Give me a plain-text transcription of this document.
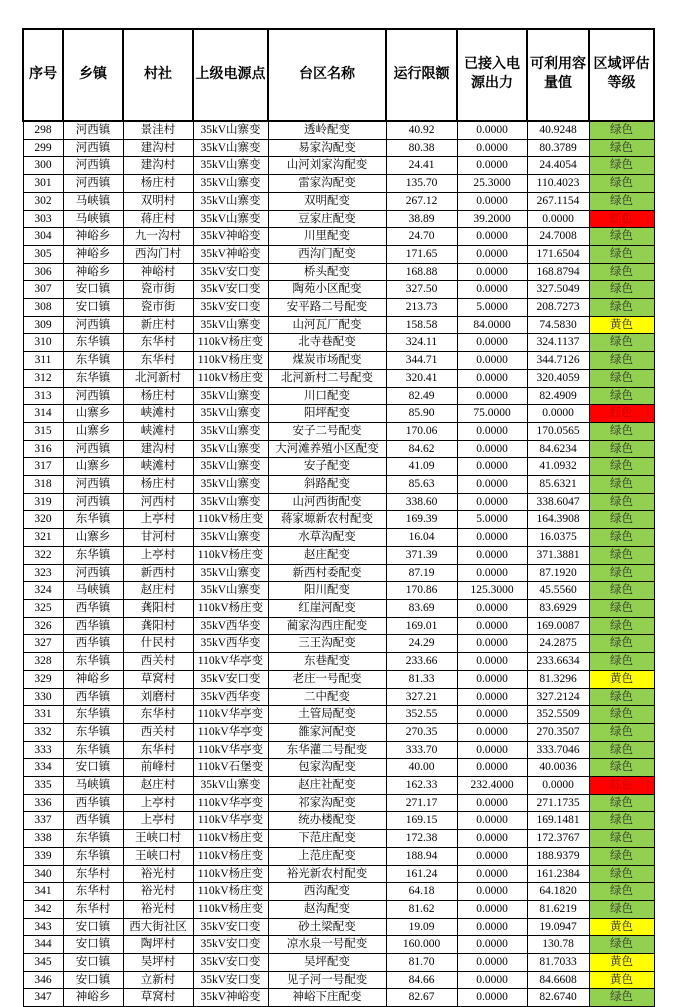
序号	乡镇	村社	上级电源点	台区名称	运行限额	已接入电源出力	可利用容量值	区域评估等级
298	河西镇	景洼村	35kV山寨变	透岭配变	40.92	0.0000	40.9248	绿色
299	河西镇	建沟村	35kV山寨变	易家沟配变	80.38	0.0000	80.3789	绿色
300	河西镇	建沟村	35kV山寨变	山河刘家沟配变	24.41	0.0000	24.4054	绿色
301	河西镇	杨庄村	35kV山寨变	雷家沟配变	135.70	25.3000	110.4023	绿色
302	马峡镇	双明村	35kV山寨变	双明配变	267.12	0.0000	267.1154	绿色
303	马峡镇	蒋庄村	35kV山寨变	豆家庄配变	38.89	39.2000	0.0000	红色
304	神峪乡	九一沟村	35kV神峪变	川里配变	24.70	0.0000	24.7008	绿色
305	神峪乡	西沟门村	35kV神峪变	西沟门配变	171.65	0.0000	171.6504	绿色
306	神峪乡	神峪村	35kV安口变	桥头配变	168.88	0.0000	168.8794	绿色
307	安口镇	瓷市街	35kV安口变	陶苑小区配变	327.50	0.0000	327.5049	绿色
308	安口镇	瓷市街	35kV安口变	安平路二号配变	213.73	5.0000	208.7273	绿色
309	河西镇	新庄村	35kV山寨变	山河瓦厂配变	158.58	84.0000	74.5830	黄色
310	东华镇	东华村	110kV杨庄变	北寺巷配变	324.11	0.0000	324.1137	绿色
311	东华镇	东华村	110kV杨庄变	煤炭市场配变	344.71	0.0000	344.7126	绿色
312	东华镇	北河新村	110kV杨庄变	北河新村二号配变	320.41	0.0000	320.4059	绿色
313	河西镇	杨庄村	35kV山寨变	川口配变	82.49	0.0000	82.4909	绿色
314	山寨乡	峡滩村	35kV山寨变	阳坪配变	85.90	75.0000	0.0000	红色
315	山寨乡	峡滩村	35kV山寨变	安子二号配变	170.06	0.0000	170.0565	绿色
316	河西镇	建沟村	35kV山寨变	大河滩养殖小区配变	84.62	0.0000	84.6234	绿色
317	山寨乡	峡滩村	35kV山寨变	安子配变	41.09	0.0000	41.0932	绿色
318	河西镇	杨庄村	35kV山寨变	斜路配变	85.63	0.0000	85.6321	绿色
319	河西镇	河西村	35kV山寨变	山河西街配变	338.60	0.0000	338.6047	绿色
320	东华镇	上亭村	110kV杨庄变	蒋家塬新农村配变	169.39	5.0000	164.3908	绿色
321	山寨乡	甘河村	35kV山寨变	水草沟配变	16.04	0.0000	16.0375	绿色
322	东华镇	上亭村	110kV杨庄变	赵庄配变	371.39	0.0000	371.3881	绿色
323	河西镇	新西村	35kV山寨变	新西村委配变	87.19	0.0000	87.1920	绿色
324	马峡镇	赵庄村	35kV山寨变	阳川配变	170.86	125.3000	45.5560	绿色
325	西华镇	龚阳村	110kV杨庄变	红崖河配变	83.69	0.0000	83.6929	绿色
326	西华镇	龚阳村	35kV西华变	蔺家沟西庄配变	169.01	0.0000	169.0087	绿色
327	西华镇	什民村	35kV西华变	三王沟配变	24.29	0.0000	24.2875	绿色
328	东华镇	西关村	110kV华亭变	东巷配变	233.66	0.0000	233.6634	绿色
329	神峪乡	草窝村	35kV安口变	老庄一号配变	81.33	0.0000	81.3296	黄色
330	西华镇	刘磨村	35kV西华变	二中配变	327.21	0.0000	327.2124	绿色
331	东华镇	东华村	110kV华亭变	土管局配变	352.55	0.0000	352.5509	绿色
332	东华镇	西关村	110kV华亭变	雒家河配变	270.35	0.0000	270.3507	绿色
333	东华镇	东华村	110kV华亭变	东华灌二号配变	333.70	0.0000	333.7046	绿色
334	安口镇	前峰村	110kV石堡变	包家沟配变	40.00	0.0000	40.0036	绿色
335	马峡镇	赵庄村	35kV山寨变	赵庄社配变	162.33	232.4000	0.0000	红色
336	西华镇	上亭村	110kV华亭变	祁家沟配变	271.17	0.0000	271.1735	绿色
337	西华镇	上亭村	110kV华亭变	统办楼配变	169.15	0.0000	169.1481	绿色
338	东华镇	王峡口村	110kV杨庄变	下范庄配变	172.38	0.0000	172.3767	绿色
339	东华镇	王峡口村	110kV杨庄变	上范庄配变	188.94	0.0000	188.9379	绿色
340	东华村	裕光村	110kV杨庄变	裕光新农村配变	161.24	0.0000	161.2384	绿色
341	东华村	裕光村	110kV杨庄变	西沟配变	64.18	0.0000	64.1820	绿色
342	东华村	裕光村	110kV杨庄变	赵沟配变	81.62	0.0000	81.6219	绿色
343	安口镇	西大街社区	35kV安口变	砂土梁配变	19.09	0.0000	19.0947	黄色
344	安口镇	陶坪村	35kV安口变	凉水泉一号配变	160.000	0.0000	130.78	绿色
345	安口镇	吴坪村	35kV安口变	吴坪配变	81.70	0.0000	81.7033	黄色
346	安口镇	立新村	35kV安口变	见子河一号配变	84.66	0.0000	84.6608	黄色
347	神峪乡	草窝村	35kV神峪变	神峪下庄配变	82.67	0.0000	82.6740	绿色
